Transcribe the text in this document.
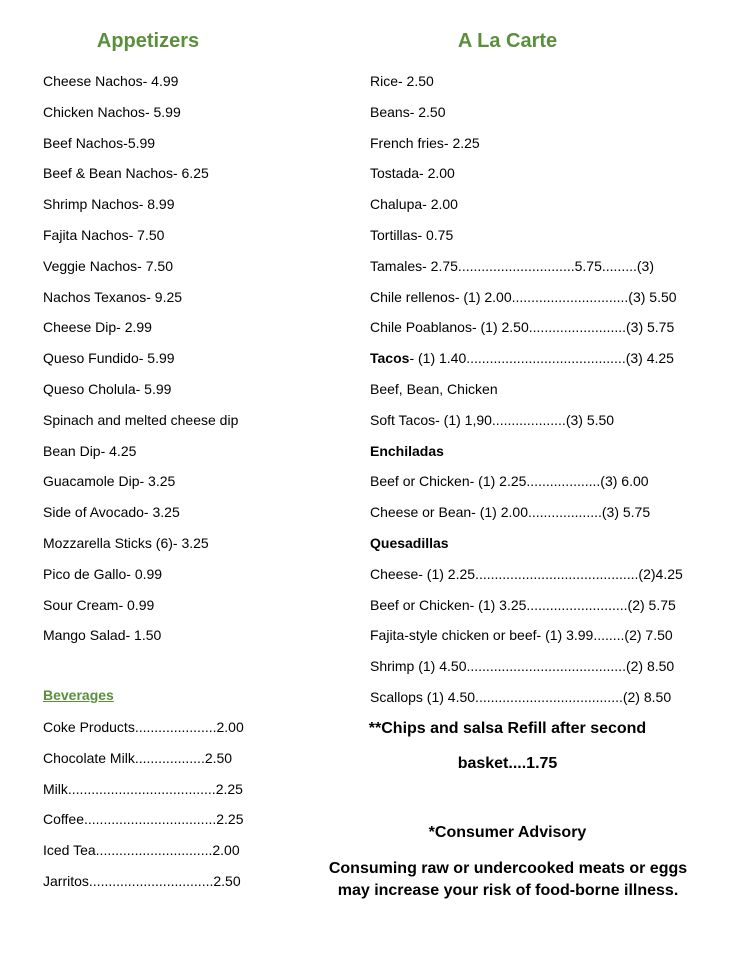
Appetizers	A La Carte
Cheese Nachos- 4.99
Chicken Nachos- 5.99
Beef Nachos-5.99
Beef & Bean Nachos- 6.25
Shrimp Nachos- 8.99
Fajita Nachos- 7.50
Veggie Nachos- 7.50
Nachos Texanos- 9.25
Cheese Dip- 2.99
Queso Fundido- 5.99
Queso Cholula- 5.99
Spinach and melted cheese dip
Bean Dip- 4.25
Guacamole Dip- 3.25
Side of Avocado- 3.25
Mozzarella Sticks (6)- 3.25
Pico de Gallo- 0.99
Sour Cream- 0.99
Mango Salad- 1.50
Beverages
Coke Products.....................2.00
Chocolate Milk..................2.50
Milk......................................2.25
Coffee..................................2.25
Iced Tea..............................2.00
Jarritos................................2.50
Rice- 2.50
Beans- 2.50
French fries- 2.25
Tostada- 2.00
Chalupa- 2.00
Tortillas- 0.75
Tamales- 2.75..............................5.75.........(3)
Chile rellenos- (1) 2.00..............................(3) 5.50
Chile Poablanos- (1) 2.50.........................(3) 5.75
Tacos- (1) 1.40.........................................(3) 4.25
Beef, Bean, Chicken
Soft Tacos- (1) 1,90...................(3) 5.50
Enchiladas
Beef or Chicken- (1) 2.25...................(3) 6.00
Cheese or Bean- (1) 2.00...................(3) 5.75
Quesadillas
Cheese- (1) 2.25..........................................(2)4.25
Beef or Chicken- (1) 3.25..........................(2) 5.75
Fajita-style chicken or beef- (1) 3.99........(2) 7.50
Shrimp (1) 4.50.........................................(2) 8.50
Scallops (1) 4.50......................................(2) 8.50
**Chips and salsa Refill after second
basket....1.75
*Consumer Advisory
Consuming raw or undercooked meats or eggs
may increase your risk of food-borne illness.
